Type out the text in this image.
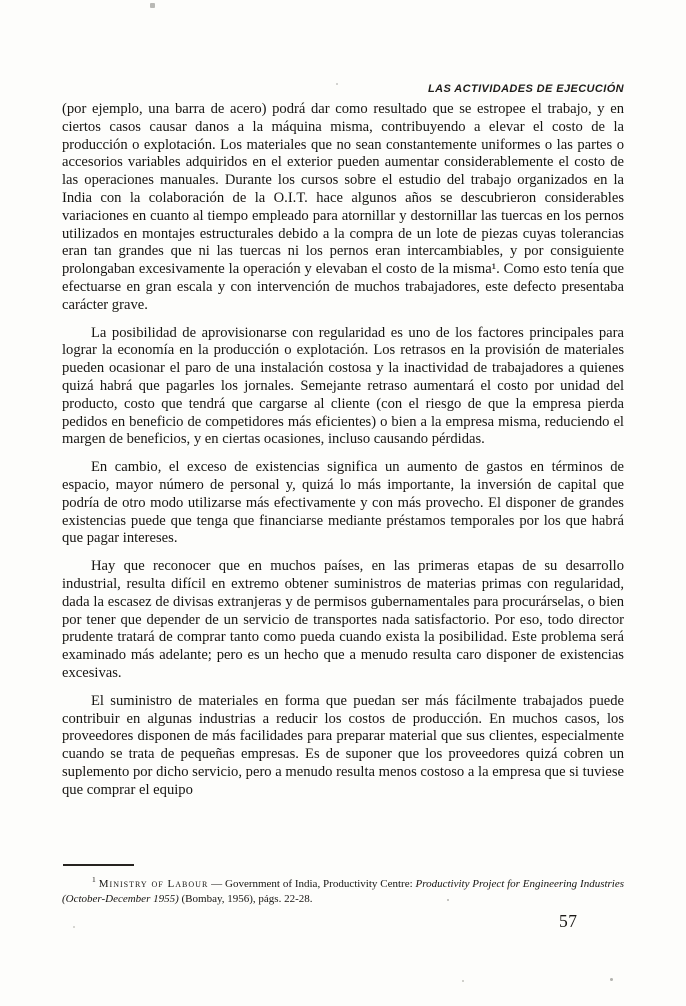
LAS ACTIVIDADES DE EJECUCIÓN

(por ejemplo, una barra de acero) podrá dar como resultado que se estropee el trabajo, y en ciertos casos causar danos a la máquina misma, contribuyendo a elevar el costo de la producción o explotación. Los materiales que no sean constantemente uniformes o las partes o accesorios variables adquiridos en el exterior pueden aumentar considerablemente el costo de las operaciones manuales. Durante los cursos sobre el estudio del trabajo organizados en la India con la colaboración de la O.I.T. hace algunos años se descubrieron considerables variaciones en cuanto al tiempo empleado para atornillar y destornillar las tuercas en los pernos utilizados en montajes estructurales debido a la compra de un lote de piezas cuyas tolerancias eran tan grandes que ni las tuercas ni los pernos eran intercambiables, y por consiguiente prolongaban excesivamente la operación y elevaban el costo de la misma¹. Como esto tenía que efectuarse en gran escala y con intervención de muchos trabajadores, este defecto presentaba carácter grave.

La posibilidad de aprovisionarse con regularidad es uno de los factores principales para lograr la economía en la producción o explotación. Los retrasos en la provisión de materiales pueden ocasionar el paro de una instalación costosa y la inactividad de trabajadores a quienes quizá habrá que pagarles los jornales. Semejante retraso aumentará el costo por unidad del producto, costo que tendrá que cargarse al cliente (con el riesgo de que la empresa pierda pedidos en beneficio de competidores más eficientes) o bien a la empresa misma, reduciendo el margen de beneficios, y en ciertas ocasiones, incluso causando pérdidas.

En cambio, el exceso de existencias significa un aumento de gastos en términos de espacio, mayor número de personal y, quizá lo más importante, la inversión de capital que podría de otro modo utilizarse más efectivamente y con más provecho. El disponer de grandes existencias puede que tenga que financiarse mediante préstamos temporales por los que habrá que pagar intereses.

Hay que reconocer que en muchos países, en las primeras etapas de su desarrollo industrial, resulta difícil en extremo obtener suministros de materias primas con regularidad, dada la escasez de divisas extranjeras y de permisos gubernamentales para procurárselas, o bien por tener que depender de un servicio de transportes nada satisfactorio. Por eso, todo director prudente tratará de comprar tanto como pueda cuando exista la posibilidad. Este problema será examinado más adelante; pero es un hecho que a menudo resulta caro disponer de existencias excesivas.

El suministro de materiales en forma que puedan ser más fácilmente trabajados puede contribuir en algunas industrias a reducir los costos de producción. En muchos casos, los proveedores disponen de más facilidades para preparar material que sus clientes, especialmente cuando se trata de pequeñas empresas. Es de suponer que los proveedores quizá cobren un suplemento por dicho servicio, pero a menudo resulta menos costoso a la empresa que si tuviese que comprar el equipo

$^1$ Ministry of Labour — Government of India, Productivity Centre: Productivity Project for Engineering Industries (October-December 1955) (Bombay, 1956), págs. 22-28.

57
